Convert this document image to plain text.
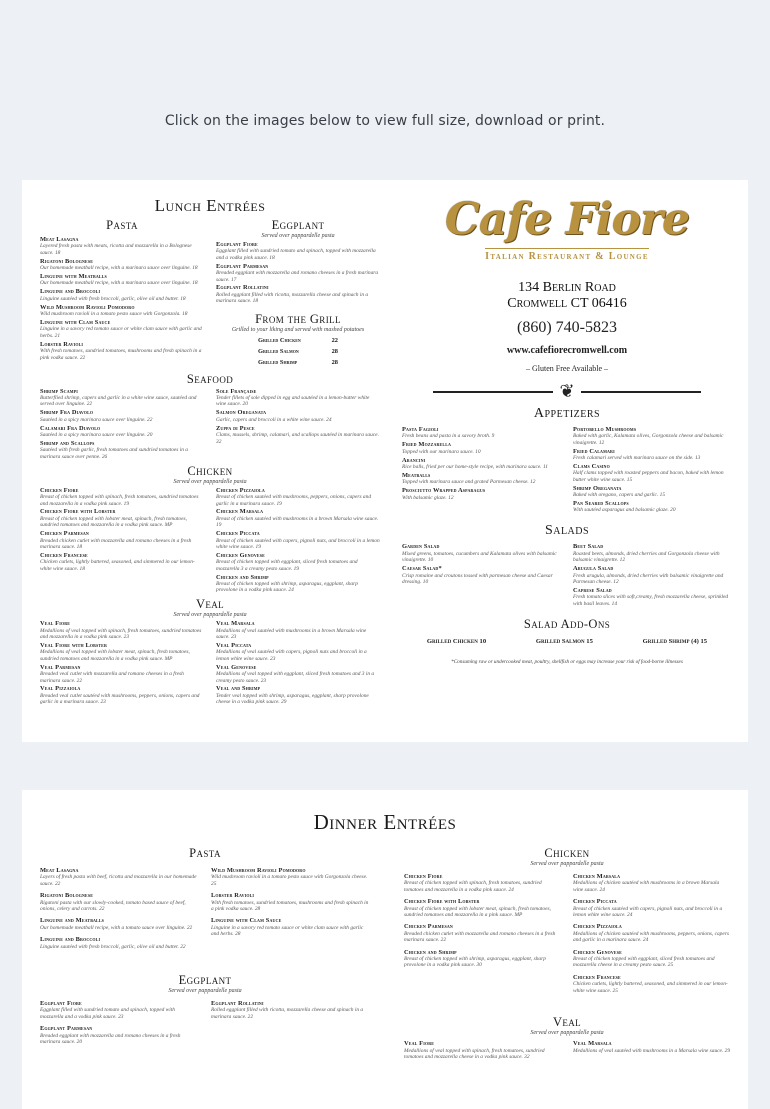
Click on the images below to view full size, download or print.
Lunch Entrées
Pasta
Meat Lasagna
Layered fresh pasta with meats, ricotta and mozzarella in a Bolognese sauce. 18
Rigatoni Bolognese
Our homemade meatball recipe, with a marinara sauce over linguine. 18
Linguine with Meatballs
Our homemade meatball recipe, with a marinara sauce over linguine. 18
Linguine and Broccoli
Linguine sautéed with fresh broccoli, garlic, olive oil and butter. 18
Wild Mushroom Ravioli Pomodoro
Wild mushroom ravioli in a tomato pesto sauce with Gorgonzola. 18
Linguine with Clam Sauce
Linguine in a savory red tomato sauce or white clam sauce with garlic and herbs. 21
Lobster Ravioli
With fresh tomatoes, sundried tomatoes, mushrooms and fresh spinach in a pink vodka sauce. 22
Eggplant
Served over pappardelle pasta
Eggplant Fiore
Eggplant filled with sundried tomato and spinach, topped with mozzarella and a vodka pink sauce. 18
Eggplant Parmesan
Breaded eggplant with mozzarella and romano cheeses in a fresh marinara sauce. 17
Eggplant Rollatini
Rolled eggplant filled with ricotta, mozzarella cheese and spinach in a marinara sauce. 18
From the Grill
Grilled to your liking and served with mashed potatoes
Grilled Chicken	22
Grilled Salmon	28
Grilled Shrimp	28
Seafood
Shrimp Scampi
Butterflied shrimp, capers and garlic in a white wine sauce, sautéed and served over linguine. 22
Shrimp Fra Diavolo
Sautéed in a spicy marinara sauce over linguine. 22
Calamari Fra Diavolo
Sautéed in a spicy marinara sauce over linguine. 20
Shrimp and Scallops
Sautéed with fresh garlic, fresh tomatoes and sundried tomatoes in a marinara sauce over penne. 26
Sole Française
Tender fillets of sole dipped in egg and sautéed in a lemon-butter white wine sauce. 20
Salmon Oreganata
Garlic, capers and broccoli in a white wine sauce. 24
Zuppa di Pesce
Clams, mussels, shrimp, calamari, and scallops sautéed in marinara sauce. 32
Chicken
Served over pappardelle pasta
Chicken Fiore
Breast of chicken topped with spinach, fresh tomatoes, sundried tomatoes and mozzarella in a vodka pink sauce. 19
Chicken Fiore with Lobster
Breast of chicken topped with lobster meat, spinach, fresh tomatoes, sundried tomatoes and mozzarella in a vodka pink sauce. MP
Chicken Parmesan
Breaded chicken cutlet with mozzarella and romano cheeses in a fresh marinara sauce. 18
Chicken Francese
Chicken cutlets, lightly battered, seasoned, and simmered in our lemon-white wine sauce. 18
Chicken Pizzaiola
Breast of chicken sautéed with mushrooms, peppers, onions, capers and garlic in a marinara sauce. 19
Chicken Marsala
Breast of chicken sautéed with mushrooms in a brown Marsala wine sauce. 19
Chicken Piccata
Breast of chicken sautéed with capers, pignoli nuts, and broccoli in a lemon white wine sauce. 19
Chicken Genovese
Breast of chicken topped with eggplant, sliced fresh tomatoes and mozzarella 3 a creamy pesto sauce. 19
Chicken and Shrimp
Breast of chicken topped with shrimp, asparagus, eggplant, sharp provolone in a vodka pink sauce. 24
Veal
Served over pappardelle pasta
Veal Fiore
Medallions of veal topped with spinach, fresh tomatoes, sundried tomatoes and mozzarella in a vodka pink sauce. 23
Veal Fiore with Lobster
Medallions of veal topped with lobster meat, spinach, fresh tomatoes, sundried tomatoes and mozzarella in a vodka pink sauce. MP
Veal Parmesan
Breaded veal cutlet with mozzarella and romano cheeses in a fresh marinara sauce. 22
Veal Pizzaiola
Breaded veal cutlet sautéed with mushrooms, peppers, onions, capers and garlic in a marinara sauce. 23
Veal Marsala
Medallions of veal sautéed with mushrooms in a brown Marsala wine sauce. 23
Veal Piccata
Medallions of veal sautéed with capers, pignoli nuts and broccoli in a lemon white wine sauce. 23
Veal Genovese
Medallions of veal topped with eggplant, sliced fresh tomatoes and 3 in a creamy pesto sauce. 23
Veal and Shrimp
Tender veal topped with shrimp, asparagus, eggplant, sharp provolone cheese in a vodka pink sauce. 29
Cafe Fiore
Italian Restaurant & Lounge
134 Berlin Road
Cromwell CT 06416
(860) 740-5823
www.cafefiorecromwell.com
– Gluten Free Available –
❦
Appetizers
Pasta Fagioli
Fresh beans and pasta in a savory broth. 9
Fried Mozzarella
Topped with our marinara sauce. 10
Arancini
Rice balls, fried per our home-style recipe, with marinara sauce. 11
Meatballs
Topped with marinara sauce and grated Parmesan cheese. 12
Prosciutto Wrapped Asparagus
With balsamic glaze. 12
Portobello Mushrooms
Baked with garlic, Kalamata olives, Gorgonzola cheese and balsamic vinaigrette. 12
Fried Calamari
Fresh calamari served with marinara sauce on the side. 13
Clams Casino
Half clams topped with roasted peppers and bacon, baked with lemon butter white wine sauce. 15
Shrimp Oreganata
Baked with oregano, capers and garlic. 15
Pan Seared Scallops
With sautéed asparagus and balsamic glaze. 20
Salads
Garden Salad
Mixed greens, tomatoes, cucumbers and Kalamata olives with balsamic vinaigrette. 10
Caesar Salad*
Crisp romaine and croutons tossed with parmesan cheese and Caesar dressing. 10
Beet Salad
Roasted beets, almonds, dried cherries and Gorgonzola cheese with balsamic vinaigrette. 12
Arugula Salad
Fresh arugula, almonds, dried cherries with balsamic vinaigrette and Parmesan cheese. 12
Caprese Salad
Fresh tomato slices with soft,creamy, fresh mozzarella cheese, sprinkled with basil leaves. 14
Salad Add-Ons
Grilled Chicken 10	Grilled Salmon 15	Grilled Shrimp (4) 15
*Consuming raw or undercooked meat, poultry, shellfish or eggs may increase your risk of food-borne illnesses
Dinner Entrées
Pasta
Meat Lasagna
Layers of fresh pasta with beef, ricotta and mozzarella in our homemade sauce. 22
Rigatoni Bolognese
Rigatoni pasta with our slowly-cooked, tomato based sauce of beef, onions, celery and carrots. 22
Linguine and Meatballs
Our homemade meatball recipe, with a tomato sauce over linguine. 22
Linguine and Broccoli
Linguine sautéed with fresh broccoli, garlic, olive oil and butter. 22
Wild Mushroom Ravioli Pomodoro
Wild mushroom ravioli in a tomato pesto sauce with Gorgonzola cheese. 25
Lobster Ravioli
With fresh tomatoes, sundried tomatoes, mushrooms and fresh spinach in a pink vodka sauce. 28
Linguine with Clam Sauce
Linguine in a savory red tomato sauce or white clam sauce with garlic and herbs. 28
Eggplant
Served over pappardelle pasta
Eggplant Fiore
Eggplant filled with sundried tomato and spinach, topped with mozzarella and a vodka pink sauce. 23
Eggplant Parmesan
Breaded eggplant with mozzarella and romano cheeses in a fresh marinara sauce. 20
Eggplant Rollatini
Rolled eggplant filled with ricotta, mozzarella cheese and spinach in a marinara sauce. 22
Chicken
Served over pappardelle pasta
Chicken Fiore
Breast of chicken topped with spinach, fresh tomatoes, sundried tomatoes and mozzarella in a vodka pink sauce. 24
Chicken Fiore with Lobster
Breast of chicken topped with lobster meat, spinach, fresh tomatoes, sundried tomatoes and mozzarella in a pink sauce. MP
Chicken Parmesan
Breaded chicken cutlet with mozzarella and romano cheeses in a fresh marinara sauce. 22
Chicken and Shrimp
Breast of chicken topped with shrimp, asparagus, eggplant, sharp provolone in a vodka pink sauce. 30
Chicken Marsala
Medallions of chicken sautéed with mushrooms in a brown Marsala wine sauce. 24
Chicken Piccata
Breast of chicken sautéed with capers, pignoli nuts, and broccoli in a lemon white wine sauce. 24
Chicken Pizzaiola
Medallions of chicken sautéed with mushrooms, peppers, onions, capers and garlic in a marinara sauce. 24
Chicken Genovese
Breast of chicken topped with eggplant, sliced fresh tomatoes and mozzarella cheese in a creamy pesto sauce. 25
Chicken Francese
Chicken cutlets, lightly battered, seasoned, and simmered in our lemon-white wine sauce. 25
Veal
Served over pappardelle pasta
Veal Fiore
Medallions of veal topped with spinach, fresh tomatoes, sundried tomatoes and mozzarella cheese in a vodka pink sauce. 32
Veal Marsala
Medallions of veal sautéed with mushrooms in a Marsala wine sauce. 29
